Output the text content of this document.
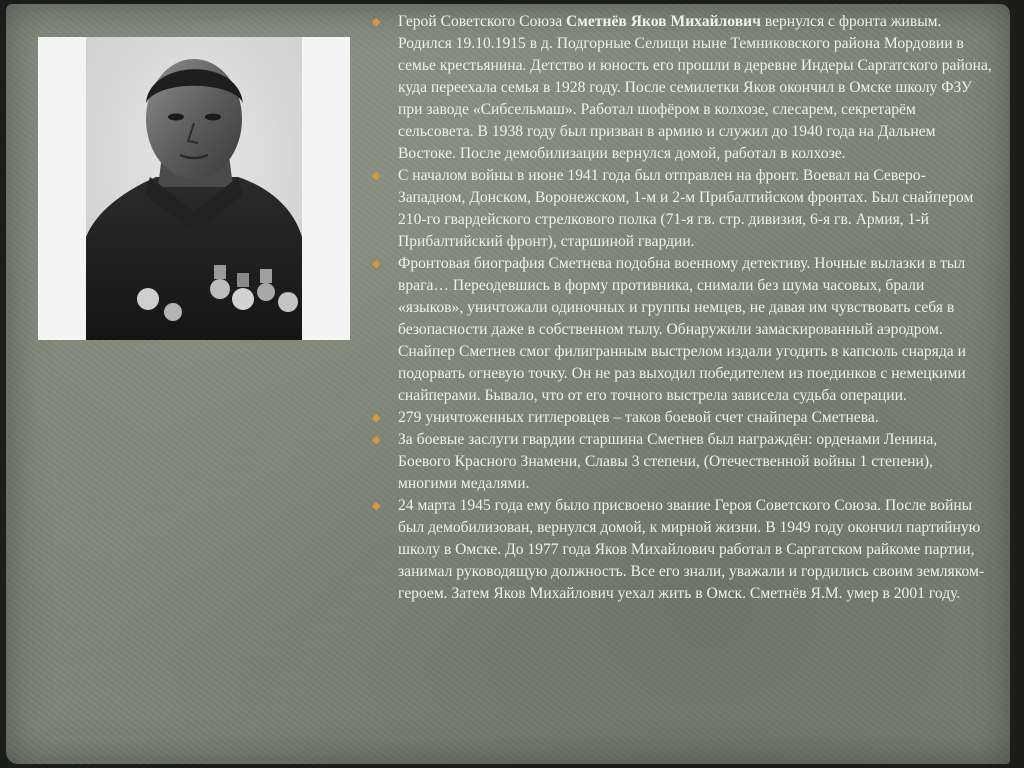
◆ Герой Советского Союза Сметнёв Яков Михайлович вернулся с фронта живым. Родился 19.10.1915 в д. Подгорные Селищи ныне Темниковского района Мордовии в семье крестьянина. Детство и юность его прошли в деревне Индеры Саргатского района, куда переехала семья в 1928 году. После семилетки Яков окончил в Омске школу ФЗУ при заводе «Сибсельмаш». Работал шофёром в колхозе, слесарем, секретарём сельсовета. В 1938 году был призван в армию и служил до 1940 года на Дальнем Востоке. После демобилизации вернулся домой, работал в колхозе.
◆ С началом войны в июне 1941 года был отправлен на фронт. Воевал на Северо-Западном, Донском, Воронежском, 1-м и 2-м Прибалтийском фронтах. Был снайпером 210-го гвардейского стрелкового полка (71-я гв. стр. дивизия, 6-я гв. Армия, 1-й Прибалтийский фронт), старшиной гвардии.
◆ Фронтовая биография Сметнева подобна военному детективу. Ночные вылазки в тыл врага… Переодевшись в форму противника, снимали без шума часовых, брали «языков», уничтожали одиночных и группы немцев, не давая им чувствовать себя в безопасности даже в собственном тылу. Обнаружили замаскированный аэродром. Снайпер Сметнев смог филигранным выстрелом издали угодить в капсюль снаряда и подорвать огневую точку. Он не раз выходил победителем из поединков с немецкими снайперами. Бывало, что от его точного выстрела зависела судьба операции.
◆ 279 уничтоженных гитлеровцев – таков боевой счет снайпера Сметнева.
◆ За боевые заслуги гвардии старшина Сметнев был награждён: орденами Ленина, Боевого Красного Знамени, Славы 3 степени, (Отечественной войны 1 степени), многими медалями.
◆ 24 марта 1945 года ему было присвоено звание Героя Советского Союза. После войны был демобилизован, вернулся домой, к мирной жизни. В 1949 году окончил партийную школу в Омске. До 1977 года Яков Михайлович работал в Саргатском райкоме партии, занимал руководящую должность. Все его знали, уважали и гордились своим земляком-героем. Затем Яков Михайлович уехал жить в Омск. Сметнёв Я.М. умер в 2001 году.
